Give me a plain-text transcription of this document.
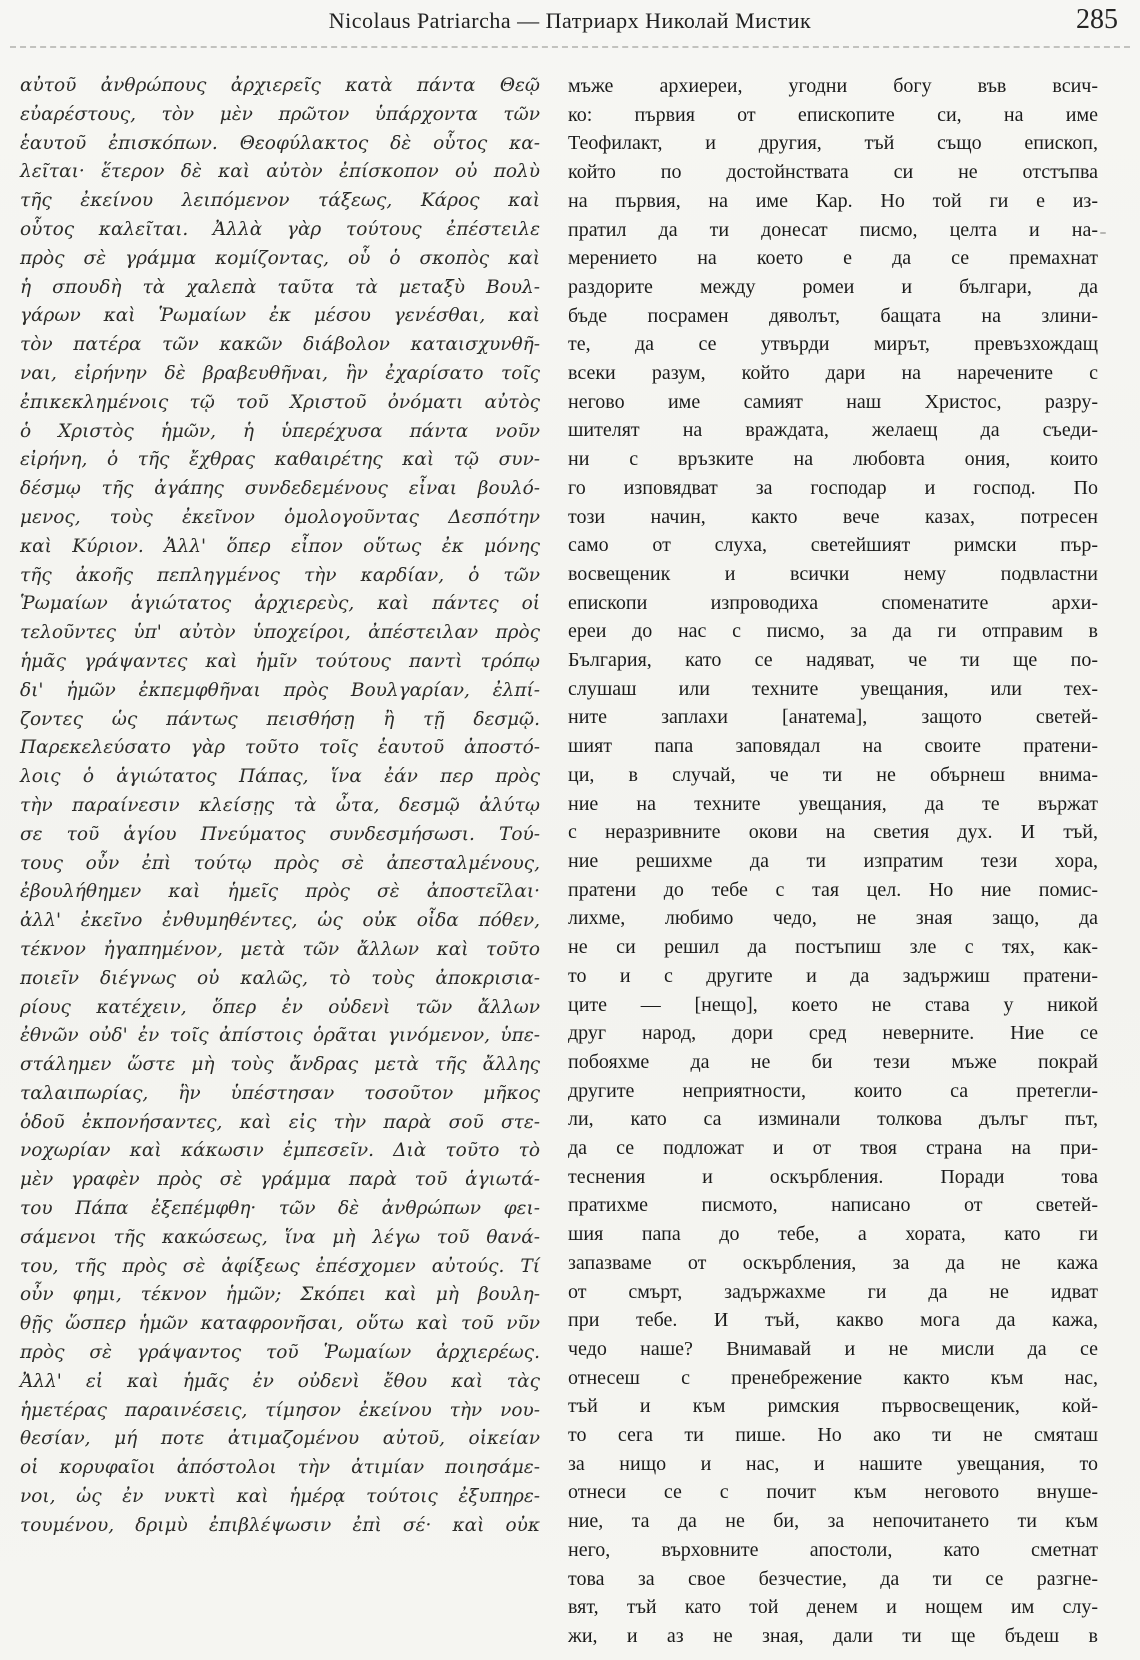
Nicolaus Patriarcha — Патриарх Николай Мистик	285
αὐτοῦ ἀνθρώπους ἀρχιερεῖς κατὰ πάντα Θεῷ
εὐαρέστους, τὸν μὲν πρῶτον ὑπάρχοντα τῶν
ἑαυτοῦ ἐπισκόπων. Θεοφύλακτος δὲ οὗτος κα-
λεῖται· ἕτερον δὲ καὶ αὐτὸν ἐπίσκοπον οὐ πολὺ
τῆς ἐκείνου λειπόμενον τάξεως, Κάρος καὶ
οὗτος καλεῖται. Ἀλλὰ γὰρ τούτους ἐπέστειλε
πρὸς σὲ γράμμα κομίζοντας, οὗ ὁ σκοπὸς καὶ
ἡ σπουδὴ τὰ χαλεπὰ ταῦτα τὰ μεταξὺ Βουλ-
γάρων καὶ Ῥωμαίων ἐκ μέσου γενέσθαι, καὶ
τὸν πατέρα τῶν κακῶν διάβολον καταισχυνθῆ-
ναι, εἰρήνην δὲ βραβευθῆναι, ἣν ἐχαρίσατο τοῖς
ἐπικεκλημένοις τῷ τοῦ Χριστοῦ ὀνόματι αὐτὸς
ὁ Χριστὸς ἡμῶν, ἡ ὑπερέχυσα πάντα νοῦν
εἰρήνη, ὁ τῆς ἔχθρας καθαιρέτης καὶ τῷ συν-
δέσμῳ τῆς ἀγάπης συνδεδεμένους εἶναι βουλό-
μενος, τοὺς ἐκεῖνον ὁμολογοῦντας Δεσπότην
καὶ Κύριον. Ἀλλ' ὅπερ εἶπον οὕτως ἐκ μόνης
τῆς ἀκοῆς πεπληγμένος τὴν καρδίαν, ὁ τῶν
Ῥωμαίων ἁγιώτατος ἀρχιερεὺς, καὶ πάντες οἱ
τελοῦντες ὑπ' αὐτὸν ὑποχείροι, ἀπέστειλαν πρὸς
ἡμᾶς γράψαντες καὶ ἡμῖν τούτους παντὶ τρόπῳ
δι' ἡμῶν ἐκπεμφθῆναι πρὸς Βουλγαρίαν, ἐλπί-
ζοντες ὡς πάντως πεισθήσῃ ἢ τῇ δεσμῷ.
Παρεκελεύσατο γὰρ τοῦτο τοῖς ἑαυτοῦ ἀποστό-
λοις ὁ ἁγιώτατος Πάπας, ἵνα ἐάν περ πρὸς
τὴν παραίνεσιν κλείσῃς τὰ ὦτα, δεσμῷ ἀλύτῳ
σε τοῦ ἁγίου Πνεύματος συνδεσμήσωσι. Τού-
τους οὖν ἐπὶ τούτῳ πρὸς σὲ ἀπεσταλμένους,
ἐβουλήθημεν καὶ ἡμεῖς πρὸς σὲ ἀποστεῖλαι·
ἀλλ' ἐκεῖνο ἐνθυμηθέντες, ὡς οὐκ οἶδα πόθεν,
τέκνον ἠγαπημένον, μετὰ τῶν ἄλλων καὶ τοῦτο
ποιεῖν διέγνως οὐ καλῶς, τὸ τοὺς ἀποκρισια-
ρίους κατέχειν, ὅπερ ἐν οὐδενὶ τῶν ἄλλων
ἐθνῶν οὐδ' ἐν τοῖς ἀπίστοις ὁρᾶται γινόμενον, ὑπε-
στάλημεν ὥστε μὴ τοὺς ἄνδρας μετὰ τῆς ἄλλης
ταλαιπωρίας, ἣν ὑπέστησαν τοσοῦτον μῆκος
ὁδοῦ ἐκπονήσαντες, καὶ εἰς τὴν παρὰ σοῦ στε-
νοχωρίαν καὶ κάκωσιν ἐμπεσεῖν. Διὰ τοῦτο τὸ
μὲν γραφὲν πρὸς σὲ γράμμα παρὰ τοῦ ἁγιωτά-
του Πάπα ἐξεπέμφθη· τῶν δὲ ἀνθρώπων φει-
σάμενοι τῆς κακώσεως, ἵνα μὴ λέγω τοῦ θανά-
του, τῆς πρὸς σὲ ἀφίξεως ἐπέσχομεν αὐτούς. Τί
οὖν φημι, τέκνον ἡμῶν; Σκόπει καὶ μὴ βουλη-
θῇς ὥσπερ ἡμῶν καταφρονῆσαι, οὕτω καὶ τοῦ νῦν
πρὸς σὲ γράψαντος τοῦ Ῥωμαίων ἀρχιερέως.
Ἀλλ' εἰ καὶ ἡμᾶς ἐν οὐδενὶ ἔθου καὶ τὰς
ἡμετέρας παραινέσεις, τίμησον ἐκείνου τὴν νου-
θεσίαν, μή ποτε ἀτιμαζομένου αὐτοῦ, οἰκείαν
οἱ κορυφαῖοι ἀπόστολοι τὴν ἀτιμίαν ποιησάμε-
νοι, ὡς ἐν νυκτὶ καὶ ἡμέρᾳ τούτοις ἐξυπηρε-
τουμένου, δριμὺ ἐπιβλέψωσιν ἐπὶ σέ· καὶ οὐκ
мъже архиереи, угодни богу във всич-
ко: първия от епископите си, на име
Теофилакт, и другия, тъй също епископ,
който по достойнствата си не отстъпва
на първия, на име Кар. Но той ги е из-
пратил да ти донесат писмо, целта и на-
мерението на което е да се премахнат
раздорите между ромеи и българи, да
бъде посрамен дяволът, бащата на злини-
те, да се утвърди мирът, превъзхождащ
всеки разум, който дари на наречените с
негово име самият наш Христос, разру-
шителят на враждата, желаещ да съеди-
ни с връзките на любовта ония, които
го изповядват за господар и господ. По
този начин, както вече казах, потресен
само от слуха, светейшият римски пър-
восвещеник и всички нему подвластни
епископи изпроводиха споменатите архи-
ереи до нас с писмо, за да ги отправим в
България, като се надяват, че ти ще по-
слушаш или техните увещания, или тех-
ните заплахи [анатема], защото светей-
шият папа заповядал на своите пратени-
ци, в случай, че ти не обърнеш внима-
ние на техните увещания, да те вържат
с неразривните окови на светия дух. И тъй,
ние решихме да ти изпратим тези хора,
пратени до тебе с тая цел. Но ние помис-
лихме, любимо чедо, не зная защо, да
не си решил да постъпиш зле с тях, как-
то и с другите и да задържиш пратени-
ците — [нещо], което не става у никой
друг народ, дори сред неверните. Ние се
побояхме да не би тези мъже покрай
другите неприятности, които са претегли-
ли, като са изминали толкова дълъг път,
да се подложат и от твоя страна на при-
теснения и оскърбления. Поради това
пратихме писмото, написано от светей-
шия папа до тебе, а хората, като ги
запазваме от оскърбления, за да не кажа
от смърт, задържахме ги да не идват
при тебе. И тъй, какво мога да кажа,
чедо наше? Внимавай и не мисли да се
отнесеш с пренебрежение както към нас,
тъй и към римския първосвещеник, кой-
то сега ти пише. Но ако ти не смяташ
за нищо и нас, и нашите увещания, то
отнеси се с почит към неговото внуше-
ние, та да не би, за непочитането ти към
него, върховните апостоли, като сметнат
това за свое безчестие, да ти се разгне-
вят, тъй като той денем и нощем им слу-
жи, и аз не зная, дали ти ще бъдеш в
